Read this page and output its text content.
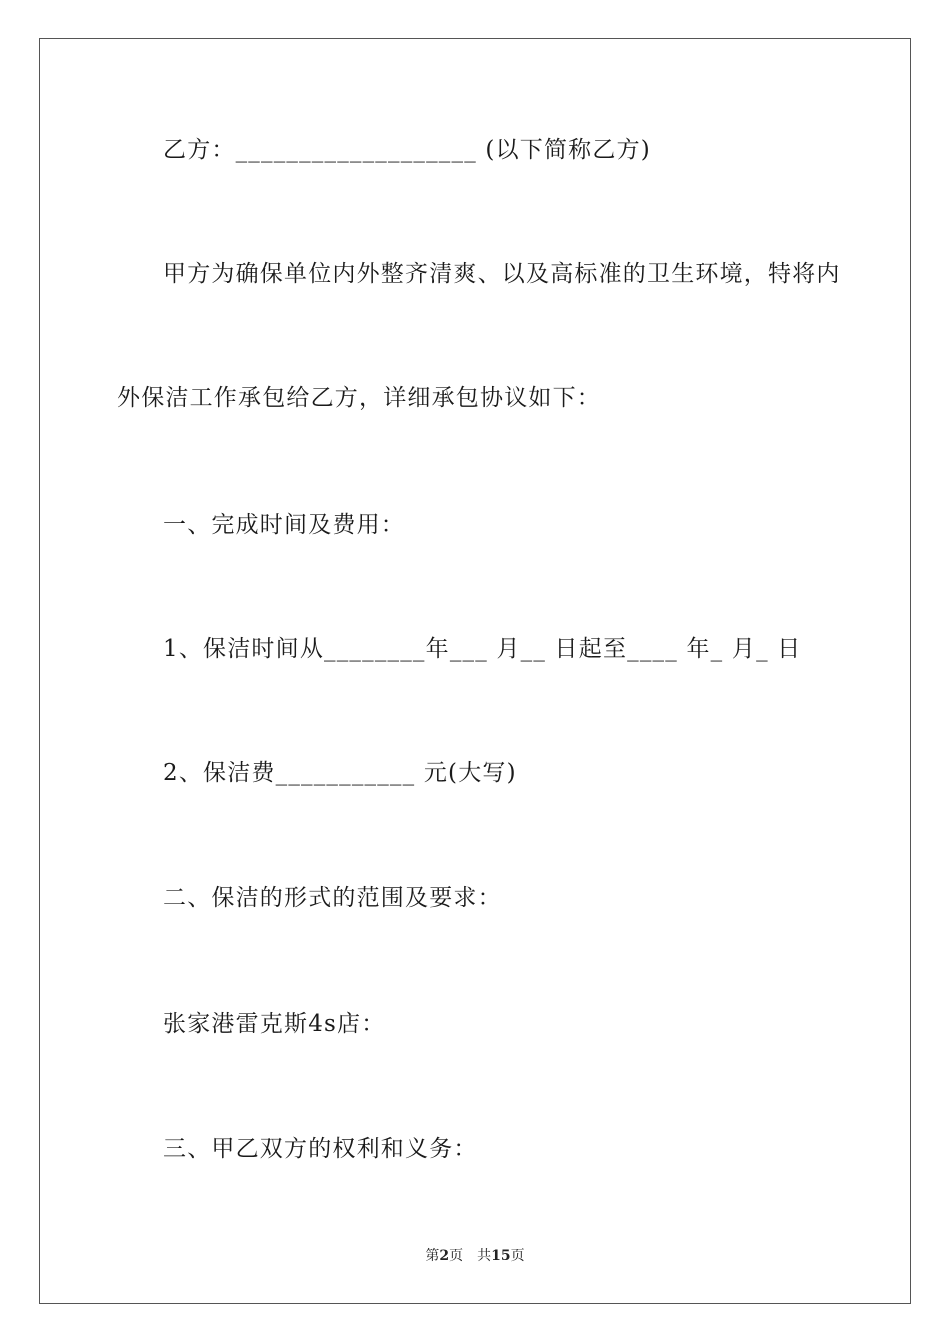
乙方：___________________ (以下简称乙方)
甲方为确保单位内外整齐清爽、以及高标准的卫生环境，特将内
外保洁工作承包给乙方，详细承包协议如下：
一、完成时间及费用：
1、保洁时间从________年___ 月__ 日起至____ 年_ 月_ 日
2、保洁费___________ 元(大写)
二、保洁的形式的范围及要求：
张家港雷克斯4s店：
三、甲乙双方的权利和义务：
第2页 共15页
